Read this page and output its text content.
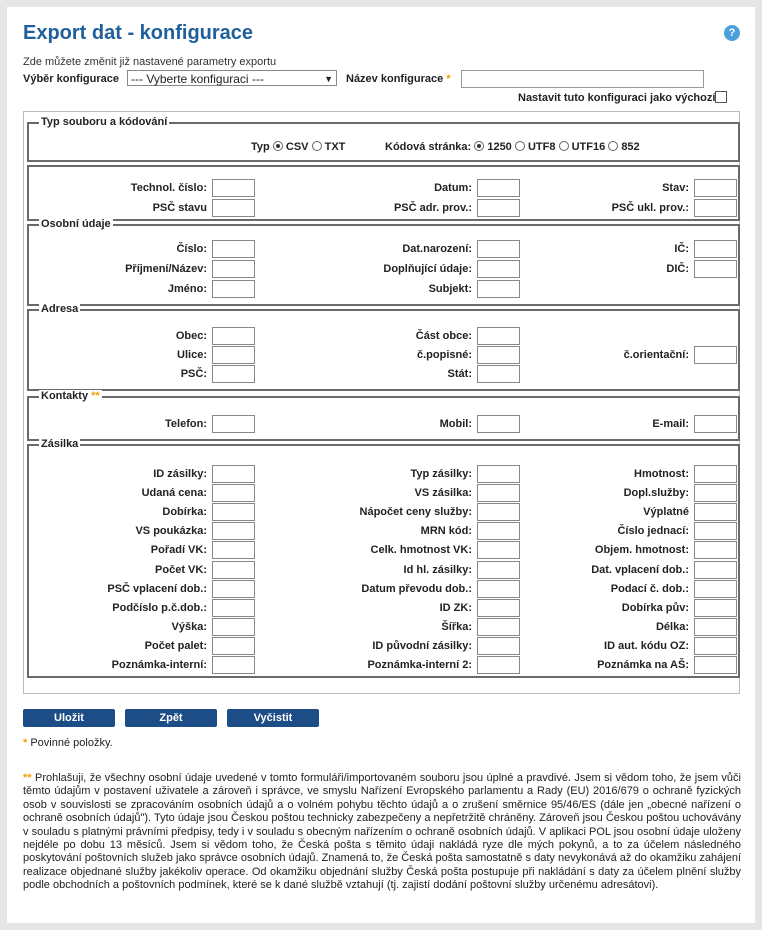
Export dat - konfigurace	?
Zde můžete změnit již nastavené parametry exportu
Výběr konfigurace	--- Vyberte konfiguraci ---	▼ Název konfigurace *
Nastavit tuto konfiguraci jako výchozí
Typ souboru a kódování
Typ CSV TXT	Kódová stránka: 1250 UTF8 UTF16 852
Technol. číslo:	Datum:	Stav:
PSČ stavu	PSČ adr. prov.:	PSČ ukl. prov.:
Osobní údaje
Číslo:	Dat.narození:	IČ:
Příjmení/Název:	Doplňující údaje:	DIČ:
Jméno:	Subjekt:
Adresa
Obec:	Část obce:
Ulice:	č.popisné:	č.orientační:
PSČ:	Stát:
Kontakty **
Telefon:	Mobil:	E-mail:
Zásilka
ID zásilky:	Typ zásilky:	Hmotnost:
Udaná cena:	VS zásilka:	Dopl.služby:
Dobírka:	Nápočet ceny služby:	Výplatné
VS poukázka:	MRN kód:	Číslo jednací:
Pořadí VK:	Celk. hmotnost VK:	Objem. hmotnost:
Počet VK:	Id hl. zásilky:	Dat. vplacení dob.:
PSČ vplacení dob.:	Datum převodu dob.:	Podací č. dob.:
Podčíslo p.č.dob.:	ID ZK:	Dobírka pův:
Výška:	Šířka:	Délka:
Počet palet:	ID původní zásilky:	ID aut. kódu OZ:
Poznámka-interní:	Poznámka-interní 2:	Poznámka na AŠ:
Uložit	Zpět	Vyčistit
* Povinné položky.
** Prohlašuji, že všechny osobní údaje uvedené v tomto formuláři/importovaném souboru jsou úplné a pravdivé. Jsem si vědom toho, že jsem vůči těmto údajům v postavení uživatele a zároveň i správce, ve smyslu Nařízení Evropského parlamentu a Rady (EU) 2016/679 o ochraně fyzických osob v souvislosti se zpracováním osobních údajů a o volném pohybu těchto údajů a o zrušení směrnice 95/46/ES (dále jen „obecné nařízení o ochraně osobních údajů"). Tyto údaje jsou Českou poštou technicky zabezpečeny a nepřetržitě chráněny. Zároveň jsou Českou poštou uchovávány v souladu s platnými právními předpisy, tedy i v souladu s obecným nařízením o ochraně osobních údajů. V aplikaci POL jsou osobní údaje uloženy nejdéle po dobu 13 měsíců. Jsem si vědom toho, že Česká pošta s těmito údaji nakládá ryze dle mých pokynů, a to za účelem následného poskytování poštovních služeb jako správce osobních údajů. Znamená to, že Česká pošta samostatně s daty nevykonává až do okamžiku zahájení realizace objednané služby jakékoliv operace. Od okamžiku objednání služby Česká pošta postupuje při nakládání s daty za účelem plnění služby podle obchodních a poštovních podmínek, které se k dané službě vztahují (tj. zajistí dodání poštovní služby určenému adresátovi).
